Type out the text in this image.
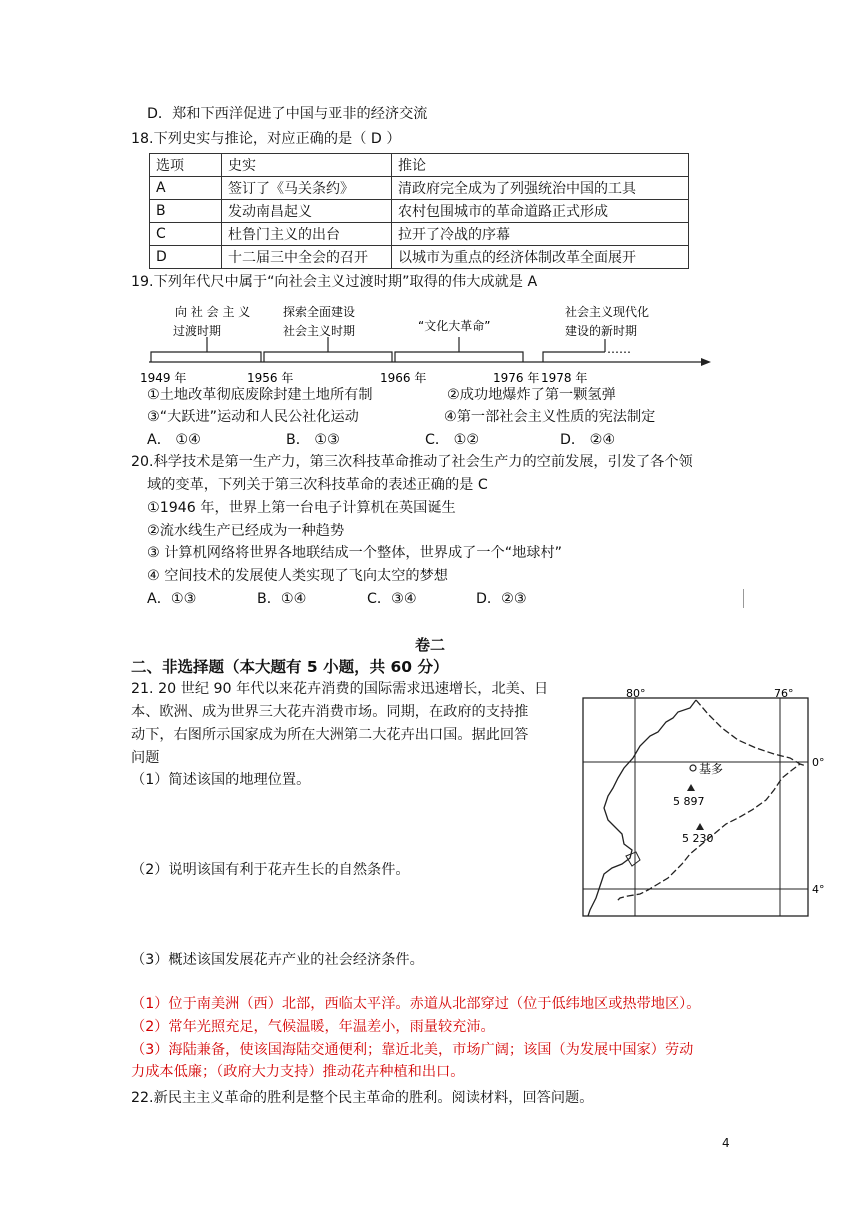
D．郑和下西洋促进了中国与亚非的经济交流
18.下列史实与推论，对应正确的是（ D ）
选项	史实	推论
A	签订了《马关条约》	清政府完全成为了列强统治中国的工具
B	发动南昌起义	农村包围城市的革命道路正式形成
C	杜鲁门主义的出台	拉开了冷战的序幕
D	十二届三中全会的召开	以城市为重点的经济体制改革全面展开
19.下列年代尺中属于“向社会主义过渡时期”取得的伟大成就是 A
向 社 会 主 义
过渡时期
探索全面建设
社会主义时期	“文化大革命”
社会主义现代化
建设的新时期
……
1949 年	1956 年	1966 年	1976 年 1978 年
①土地改革彻底废除封建土地所有制	②成功地爆炸了第一颗氢弹
③“大跃进”运动和人民公社化运动	④第一部社会主义性质的宪法制定
A． ①④	B． ①③	C． ①②	D． ②④
20.科学技术是第一生产力，第三次科技革命推动了社会生产力的空前发展，引发了各个领
域的变革，下列关于第三次科技革命的表述正确的是 C
①1946 年，世界上第一台电子计算机在英国诞生
②流水线生产已经成为一种趋势
③ 计算机网络将世界各地联结成一个整体，世界成了一个“地球村”
④ 空间技术的发展使人类实现了飞向太空的梦想
A．①③	B．①④	C．③④	D．②③
卷二
二、非选择题（本大题有 5 小题，共 60 分）
21. 20 世纪 90 年代以来花卉消费的国际需求迅速增长，北美、日
本、欧洲、成为世界三大花卉消费市场。同期，在政府的支持推
动下，右图所示国家成为所在大洲第二大花卉出口国。据此回答
问题
（1）简述该国的地理位置。
（2）说明该国有利于花卉生长的自然条件。
（3）概述该国发展花卉产业的社会经济条件。
80°	76°
0°
4°
基多
5 897
5 230
（1）位于南美洲（西）北部，西临太平洋。赤道从北部穿过（位于低纬地区或热带地区）。
（2）常年光照充足，气候温暖，年温差小，雨量较充沛。
（3）海陆兼备，使该国海陆交通便利；靠近北美，市场广阔；该国（为发展中国家）劳动
力成本低廉；（政府大力支持）推动花卉种植和出口。
22.新民主主义革命的胜利是整个民主革命的胜利。阅读材料，回答问题。
4
